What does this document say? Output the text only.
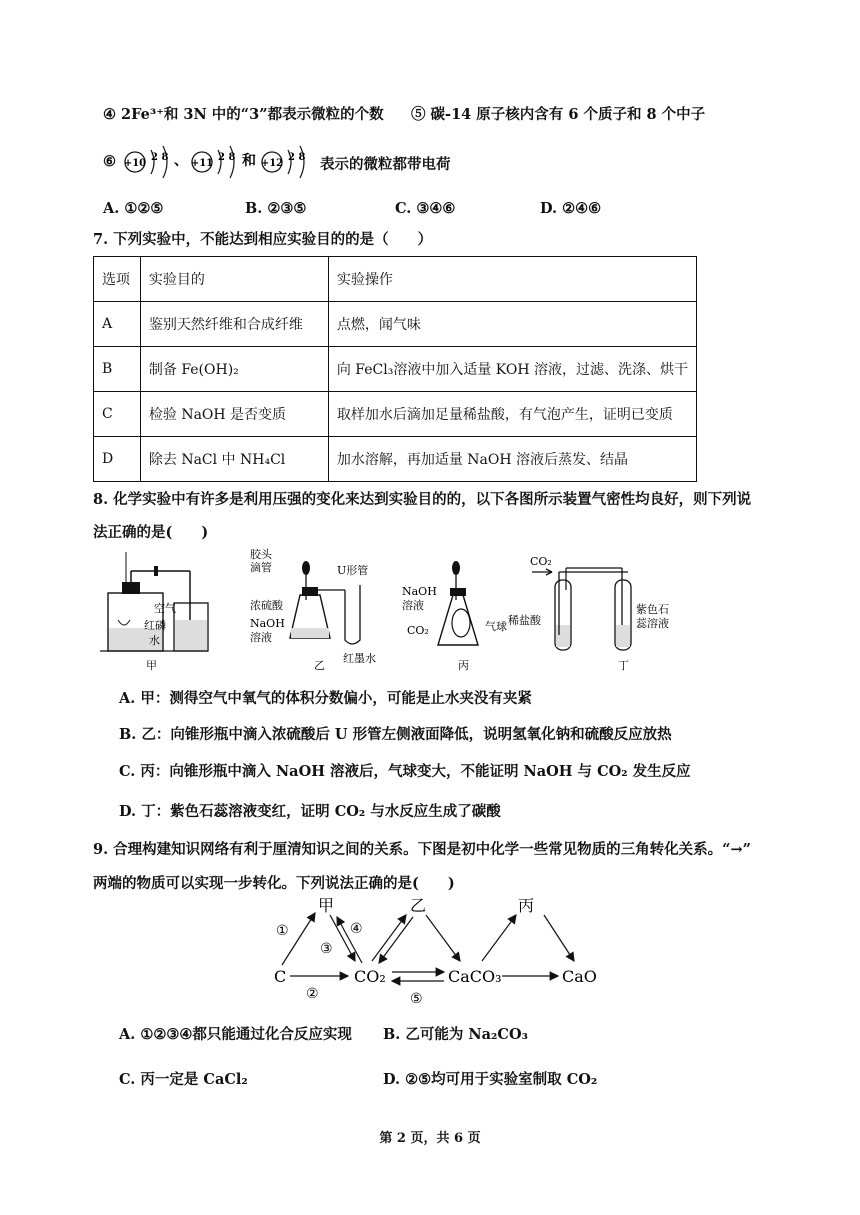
④ 2Fe³⁺和 3N 中的“3”都表示微粒的个数 ⑤ 碳-14 原子核内含有 6 个质子和 8 个中子
⑥ +10
2 8 、 +11
2 8 和 +12
2 8 表示的微粒都带电荷
A. ①②⑤	B. ②③⑤	C. ③④⑥	D. ②④⑥
7. 下列实验中，不能达到相应实验目的的是（　　）
选项	实验目的	实验操作
A	鉴别天然纤维和合成纤维	点燃，闻气味
B	制备 Fe(OH)₂	向 FeCl₃溶液中加入适量 KOH 溶液，过滤、洗涤、烘干
C	检验 NaOH 是否变质	取样加水后滴加足量稀盐酸，有气泡产生，证明已变质
D	除去 NaCl 中 NH₄Cl	加水溶解，再加适量 NaOH 溶液后蒸发、结晶
8. 化学实验中有许多是利用压强的变化来达到实验目的的，以下各图所示装置气密性均良好，则下列说
法正确的是(　　)
空气
红磷
水
甲
胶头
滴管	U形管
浓硫酸
NaOH
溶液
红墨水
乙
NaOH
溶液
CO₂	气球
丙
CO₂
稀盐酸
紫色石
蕊溶液
丁
A. 甲：测得空气中氧气的体积分数偏小，可能是止水夹没有夹紧
B. 乙：向锥形瓶中滴入浓硫酸后 U 形管左侧液面降低，说明氢氧化钠和硫酸反应放热
C. 丙：向锥形瓶中滴入 NaOH 溶液后，气球变大，不能证明 NaOH 与 CO₂ 发生反应
D. 丁：紫色石蕊溶液变红，证明 CO₂ 与水反应生成了碳酸
9. 合理构建知识网络有利于厘清知识之间的关系。下图是初中化学一些常见物质的三角转化关系。“→”
两端的物质可以实现一步转化。下列说法正确的是(　　)
甲	乙	丙
C	CO₂	CaCO₃	CaO
①
②
③
④
⑤
A. ①②③④都只能通过化合反应实现 B. 乙可能为 Na₂CO₃
C. 丙一定是 CaCl₂	D. ②⑤均可用于实验室制取 CO₂
第 2 页，共 6 页
